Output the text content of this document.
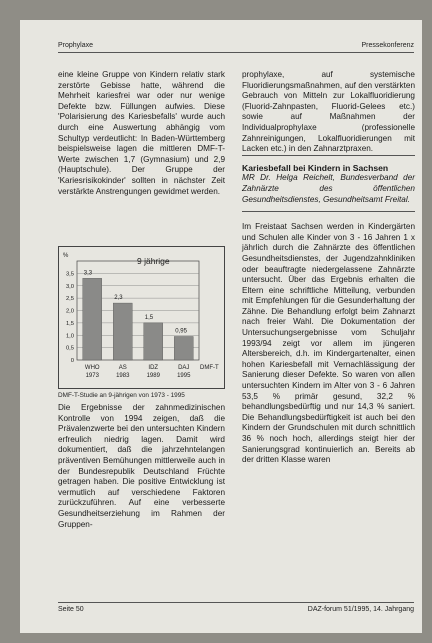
Prophylaxe	Pressekonferenz

eine kleine Gruppe von Kindern relativ stark zerstörte Gebisse hatte, während die Mehrheit kariesfrei war oder nur wenige Defekte bzw. Füllungen aufwies. Diese 'Polarisierung des Kariesbefalls' wurde auch durch eine Auswertung abhängig vom Schultyp verdeutlicht: In Baden-Württemberg beispielsweise lagen die mittleren DMF-T-Werte zwischen 1,7 (Gymnasium) und 2,9 (Hauptschule). Der Gruppe der 'Kariesrisikokinder' sollten in nächster Zeit verstärkte Anstrengungen gewidmet werden.

9 jährige
%
0
0,5
1,0
1,5
2,0
2,5
3,0
3,5 3,3
WHO
1973
2,3
AS
1983
1,5
IDZ
1989
0,95
DAJ
1995
DMF-T
DMF-T-Studie an 9-jährigen von 1973 - 1995

Die Ergebnisse der zahnmedizinischen Kontrolle von 1994 zeigen, daß die Prävalenzwerte bei den untersuchten Kindern erfreulich niedrig lagen. Damit wird dokumentiert, daß die jahrzehntelangen präventiven Bemühungen mittlerweile auch in der Bundesrepublik Deutschland Früchte getragen haben. Die positive Entwicklung ist vermutlich auf verschiedene Faktoren zurückzuführen. Auf eine verbesserte Gesundheitserziehung im Rahmen der Gruppen-

prophylaxe, auf systemische Fluoridierungsmaßnahmen, auf den verstärkten Gebrauch von Mitteln zur Lokalfluoridierung (Fluorid-Zahnpasten, Fluorid-Gelees etc.) sowie auf Maßnahmen der Individualprophylaxe (professionelle Zahnreinigungen, Lokalfluoridierungen mit Lacken etc.) in den Zahnarztpraxen.

Kariesbefall bei Kindern in Sachsen

MR Dr. Helga Reichelt, Bundesverband der Zahnärzte des öffentlichen Gesundheitsdienstes, Gesundheitsamt Freital.

Im Freistaat Sachsen werden in Kindergärten und Schulen alle Kinder von 3 - 16 Jahren 1 x jährlich durch die Zahnärzte des öffentlichen Gesundheitsdienstes, der Jugendzahnkliniken oder beauftragte niedergelassene Zahnärzte untersucht. Über das Ergebnis erhalten die Eltern eine schriftliche Mitteilung, verbunden mit Empfehlungen für die Gesunderhaltung der Zähne. Die Behandlung erfolgt beim Zahnarzt nach freier Wahl. Die Dokumentation der Untersuchungsergebnisse vom Schuljahr 1993/94 zeigt vor allem im jüngeren Altersbereich, d.h. im Kindergartenalter, einen hohen Kariesbefall mit Vernachlässigung der Sanierung dieser Defekte. So waren von allen untersuchten Kindern im Alter von 3 - 6 Jahren 53,5 % primär gesund, 32,2 % behandlungsbedürftig und nur 14,3 % saniert. Die Behandlungsbedürftigkeit ist auch bei den Kindern der Grundschulen mit durch schnittlich 36 % noch hoch, allerdings steigt hier der Sanierungsgrad kontinuierlich an. Bereits ab der dritten Klasse waren

Seite 50	DAZ-forum 51/1995, 14. Jahrgang
